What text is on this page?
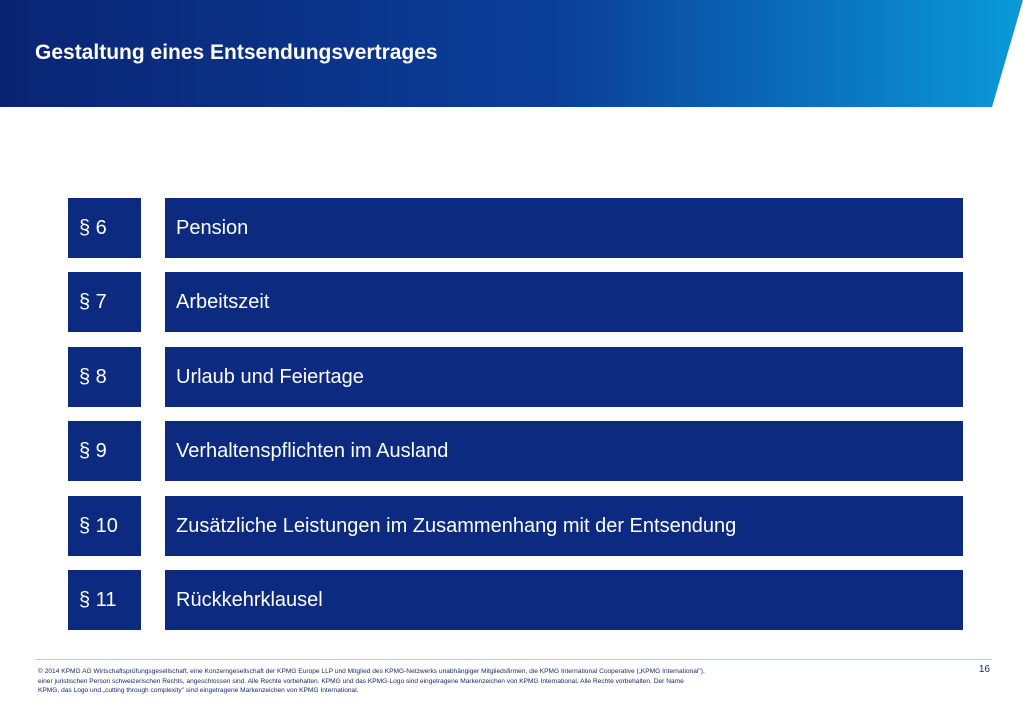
Gestaltung eines Entsendungsvertrages
§ 6	Pension
§ 7	Arbeitszeit
§ 8	Urlaub und Feiertage
§ 9	Verhaltenspflichten im Ausland
§ 10	Zusätzliche Leistungen im Zusammenhang mit der Entsendung
§ 11	Rückkehrklausel
© 2014 KPMG AG Wirtschaftsprüfungsgesellschaft, eine Konzerngesellschaft der KPMG Europe LLP und Mitglied des KPMG-Netzwerks unabhängiger Mitgliedsfirmen, die KPMG International Cooperative („KPMG International"),
einer juristischen Person schweizerischen Rechts, angeschlossen sind. Alle Rechte vorbehalten. KPMG und das KPMG-Logo sind eingetragene Markenzeichen von KPMG International. Alle Rechte vorbehalten. Der Name
KPMG, das Logo und „cutting through complexity" sind eingetragene Markenzeichen von KPMG International.
16
